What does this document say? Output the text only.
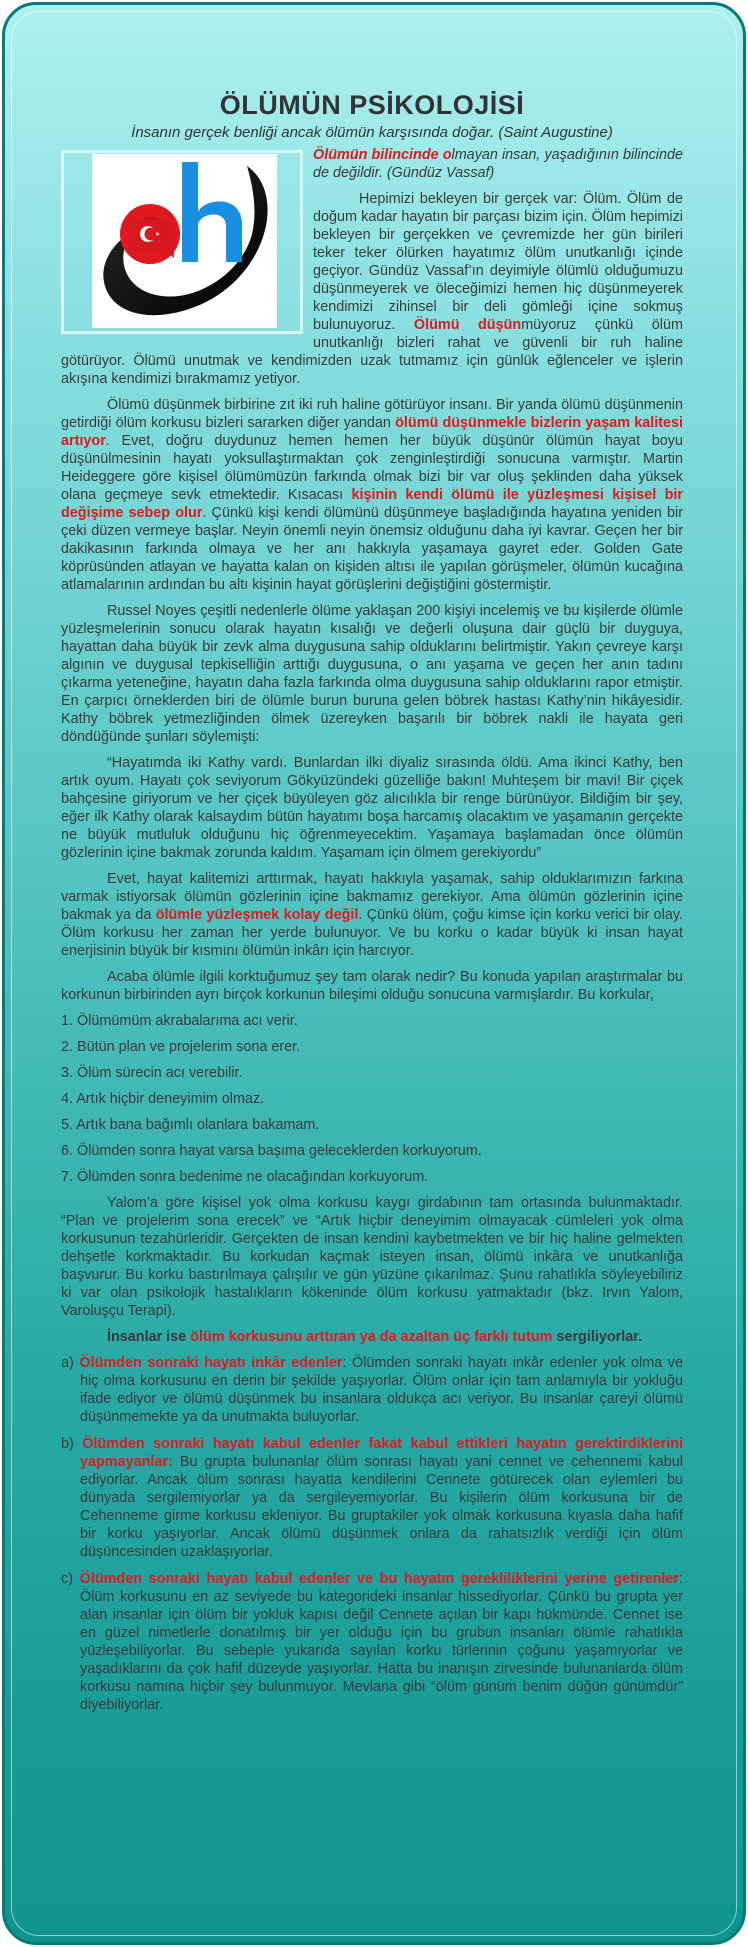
ÖLÜMÜN PSİKOLOJİSİ
İnsanın gerçek benliği ancak ölümün karşısında doğar. (Saint Augustine)

Ölümün bilincinde olmayan insan, yaşadığının bilincinde de değildir. (Gündüz Vassaf)

Hepimizi bekleyen bir gerçek var: Ölüm. Ölüm de doğum kadar hayatın bir parçası bizim için. Ölüm hepimizi bekleyen bir gerçekken ve çevremizde her gün birileri teker teker ölürken hayatımız ölüm unutkanlığı içinde geçiyor. Gündüz Vassaf’ın deyimiyle ölümlü olduğumuzu düşünmeyerek ve öleceğimizi hemen hiç düşünmeyerek kendimizi zihinsel bir deli gömleği içine sokmuş bulunuyoruz. Ölümü düşünmüyoruz çünkü ölüm unutkanlığı bizleri rahat ve güvenli bir ruh haline götürüyor. Ölümü unutmak ve kendimizden uzak tutmamız için günlük eğlenceler ve işlerin akışına kendimizi bırakmamız yetiyor.

Ölümü düşünmek birbirine zıt iki ruh haline götürüyor insanı. Bir yanda ölümü düşünmenin getirdiği ölüm korkusu bizleri sararken diğer yandan ölümü düşünmekle bizlerin yaşam kalitesi artıyor. Evet, doğru duydunuz hemen hemen her büyük düşünür ölümün hayat boyu düşünülmesinin hayatı yoksullaştırmaktan çok zenginleştirdiği sonucuna varmıştır. Martin Heideggere göre kişisel ölümümüzün farkında olmak bizi bir var oluş şeklinden daha yüksek olana geçmeye sevk etmektedir. Kısacası kişinin kendi ölümü ile yüzleşmesi kişisel bir değişime sebep olur. Çünkü kişi kendi ölümünü düşünmeye başladığında hayatına yeniden bir çeki düzen vermeye başlar. Neyin önemli neyin önemsiz olduğunu daha iyi kavrar. Geçen her bir dakikasının farkında olmaya ve her anı hakkıyla yaşamaya gayret eder. Golden Gate köprüsünden atlayan ve hayatta kalan on kişiden altısı ile yapılan görüşmeler, ölümün kucağına atlamalarının ardından bu altı kişinin hayat görüşlerini değiştiğini göstermiştir.

Russel Noyes çeşitli nedenlerle ölüme yaklaşan 200 kişiyi incelemiş ve bu kişilerde ölümle yüzleşmelerinin sonucu olarak hayatın kısalığı ve değerli oluşuna dair güçlü bir duyguya, hayattan daha büyük bir zevk alma duygusuna sahip olduklarını belirtmiştir. Yakın çevreye karşı algının ve duygusal tepkiselliğin arttığı duygusuna, o anı yaşama ve geçen her anın tadını çıkarma yeteneğine, hayatın daha fazla farkında olma duygusuna sahip olduklarını rapor etmiştir. En çarpıcı örneklerden biri de ölümle burun buruna gelen böbrek hastası Kathy’nin hikâyesidir. Kathy böbrek yetmezliğinden ölmek üzereyken başarılı bir böbrek nakli ile hayata geri döndüğünde şunları söylemişti:

“Hayatımda iki Kathy vardı. Bunlardan ilki diyaliz sırasında öldü. Ama ikinci Kathy, ben artık oyum. Hayatı çok seviyorum Gökyüzündeki güzelliğe bakın! Muhteşem bir mavi! Bir çiçek bahçesine giriyorum ve her çiçek büyüleyen göz alıcılıkla bir renge bürünüyor. Bildiğim bir şey, eğer ilk Kathy olarak kalsaydım bütün hayatımı boşa harcamış olacaktım ve yaşamanın gerçekte ne büyük mutluluk olduğunu hiç öğrenmeyecektim. Yaşamaya başlamadan önce ölümün gözlerinin içine bakmak zorunda kaldım. Yaşamam için ölmem gerekiyordu”

Evet, hayat kalitemizi arttırmak, hayatı hakkıyla yaşamak, sahip olduklarımızın farkına varmak istiyorsak ölümün gözlerinin içine bakmamız gerekiyor. Ama ölümün gözlerinin içine bakmak ya da ölümle yüzleşmek kolay değil. Çünkü ölüm, çoğu kimse için korku verici bir olay. Ölüm korkusu her zaman her yerde bulunuyor. Ve bu korku o kadar büyük ki insan hayat enerjisinin büyük bir kısmını ölümün inkârı için harcıyor.

Acaba ölümle ilgili korktuğumuz şey tam olarak nedir? Bu konuda yapılan araştırmalar bu korkunun birbirinden ayrı birçok korkunun bileşimi olduğu sonucuna varmışlardır. Bu korkular,

1. Ölümümüm akrabalarıma acı verir.
2. Bütün plan ve projelerim sona erer.
3. Ölüm sürecin acı verebilir.
4. Artık hiçbir deneyimim olmaz.
5. Artık bana bağımlı olanlara bakamam.
6. Ölümden sonra hayat varsa başıma geleceklerden korkuyorum.
7. Ölümden sonra bedenime ne olacağından korkuyorum.

Yalom’a göre kişisel yok olma korkusu kaygı girdabının tam ortasında bulunmaktadır. “Plan ve projelerim sona erecek” ve “Artık hiçbir deneyimim olmayacak cümleleri yok olma korkusunun tezahürleridir. Gerçekten de insan kendini kaybetmekten ve bir hiç haline gelmekten dehşetle korkmaktadır. Bu korkudan kaçmak isteyen insan, ölümü inkâra ve unutkanlığa başvurur. Bu korku bastırılmaya çalışılır ve gün yüzüne çıkarılmaz. Şunu rahatlıkla söyleyebiliriz ki var olan psikolojik hastalıkların kökeninde ölüm korkusu yatmaktadır (bkz. Irvın Yalom, Varoluşçu Terapi).

İnsanlar ise ölüm korkusunu arttıran ya da azaltan üç farklı tutum sergiliyorlar.

a) Ölümden sonraki hayatı inkâr edenler: Ölümden sonraki hayatı inkâr edenler yok olma ve hiç olma korkusunu en derin bir şekilde yaşıyorlar. Ölüm onlar için tam anlamıyla bir yokluğu ifade ediyor ve ölümü düşünmek bu insanlara oldukça acı veriyor. Bu insanlar çareyi ölümü düşünmemekte ya da unutmakta buluyorlar.

b) Ölümden sonraki hayatı kabul edenler fakat kabul ettikleri hayatın gerektirdiklerini yapmayanlar: Bu grupta bulunanlar ölüm sonrası hayatı yani cennet ve cehennemi kabul ediyorlar. Ancak ölüm sonrası hayatta kendilerini Cennete götürecek olan eylemleri bu dünyada sergilemiyorlar ya da sergileyemiyorlar. Bu kişilerin ölüm korkusuna bir de Cehenneme girme korkusu ekleniyor. Bu gruptakiler yok olmak korkusuna kıyasla daha hafif bir korku yaşıyorlar. Ancak ölümü düşünmek onlara da rahatsızlık verdiği için ölüm düşüncesinden uzaklaşıyorlar.

c) Ölümden sonraki hayatı kabul edenler ve bu hayatın gerekliliklerini yerine getirenler: Ölüm korkusunu en az seviyede bu kategorideki insanlar hissediyorlar. Çünkü bu grupta yer alan insanlar için ölüm bir yokluk kapısı değil Cennete açılan bir kapı hükmünde. Cennet ise en güzel nimetlerle donatılmış bir yer olduğu için bu grubun insanları ölümle rahatlıkla yüzleşebiliyorlar. Bu sebeple yukarıda sayılan korku türlerinin çoğunu yaşamıyorlar ve yaşadıklarını da çok hafif düzeyde yaşıyorlar. Hatta bu inanışın zirvesinde bulunanlarda ölüm korkusu namına hiçbir şey bulunmuyor. Mevlana gibi “ölüm günüm benim düğün günümdür” diyebiliyorlar.
